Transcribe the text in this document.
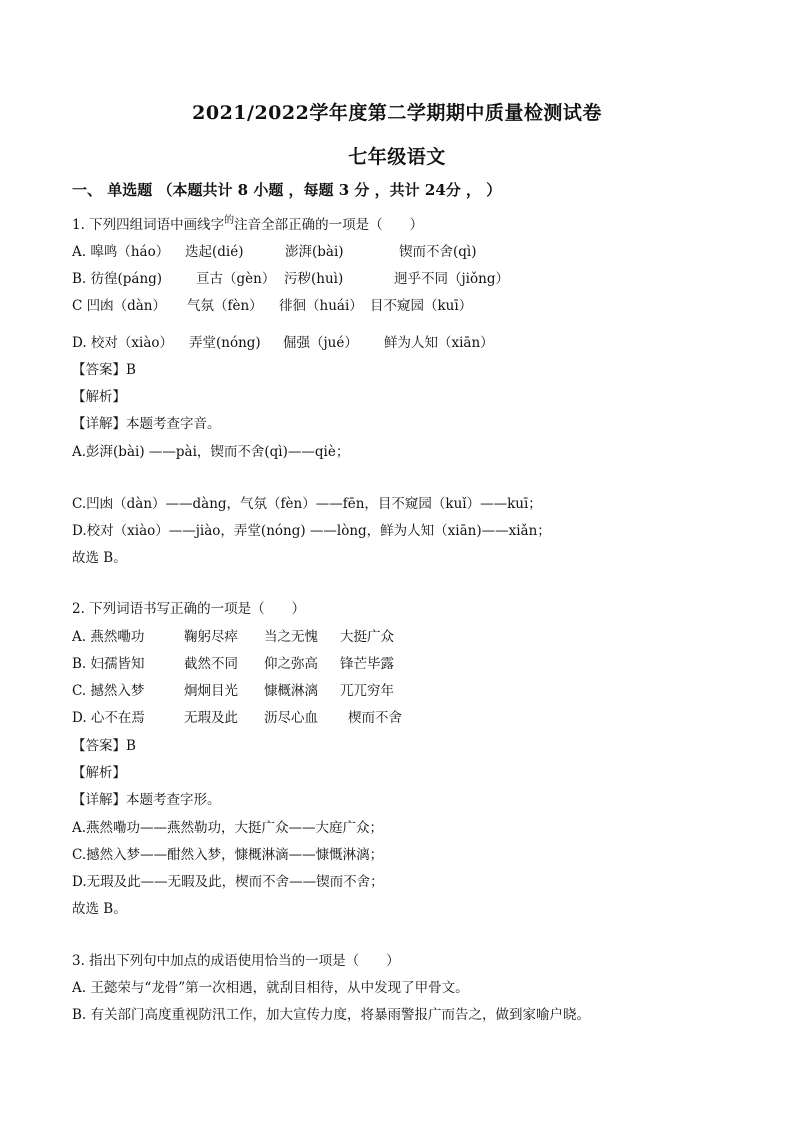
2021/2022学年度第二学期期中质量检测试卷
七年级语文
一、 单选题 （本题共计 8 小题 ，每题 3 分 ，共计 24分 ， ）
1. 下列四组词语中画线字$^的$注音全部正确的一项是（　　）
A. 嗥鸣（háo） 迭起(dié)	澎湃(bài)	锲而不舍(qì)
B. 彷徨(páng)	亘古（gèn） 污秽(huì)	迥乎不同（jiǒng）
C 凹凼（dàn） 气氛（fèn） 徘徊（huái） 目不窥园（kuī）
D. 校对（xiào） 弄堂(nóng) 倔强（jué） 鲜为人知（xiān）
【答案】B
【解析】
【详解】本题考查字音。
A.彭湃(bài) ——pài，锲而不舍(qì)——qiè；
C.凹凼（dàn）——dàng，气氛（fèn）——fēn，目不窥园（kuǐ）——kuī；
D.校对（xiào）——jiào，弄堂(nóng) ——lòng，鲜为人知（xiān)——xiǎn；
故选 B。
2. 下列词语书写正确的一项是（　　）
A. 燕然嘞功	鞠躬尽瘁 当之无愧 大挺广众
B. 妇孺皆知	截然不同 仰之弥高 锋芒毕露
C. 撼然入梦	炯炯目光 慷概淋漓 兀兀穷年
D. 心不在焉	无瑕及此 沥尽心血 楔而不舍
【答案】B
【解析】
【详解】本题考查字形。
A.燕然嘞功——燕然勒功，大挺广众——大庭广众；
C.撼然入梦——酣然入梦，慷概淋滴——慷慨淋漓；
D.无瑕及此——无暇及此，楔而不舍——锲而不舍；
故选 B。
3. 指出下列句中加点的成语使用恰当的一项是（　　）
A. 王懿荣与“龙骨”第一次相遇，就刮目相待，从中发现了甲骨文。
B. 有关部门高度重视防汛工作，加大宣传力度，将暴雨警报广而告之，做到家喻户晓。
